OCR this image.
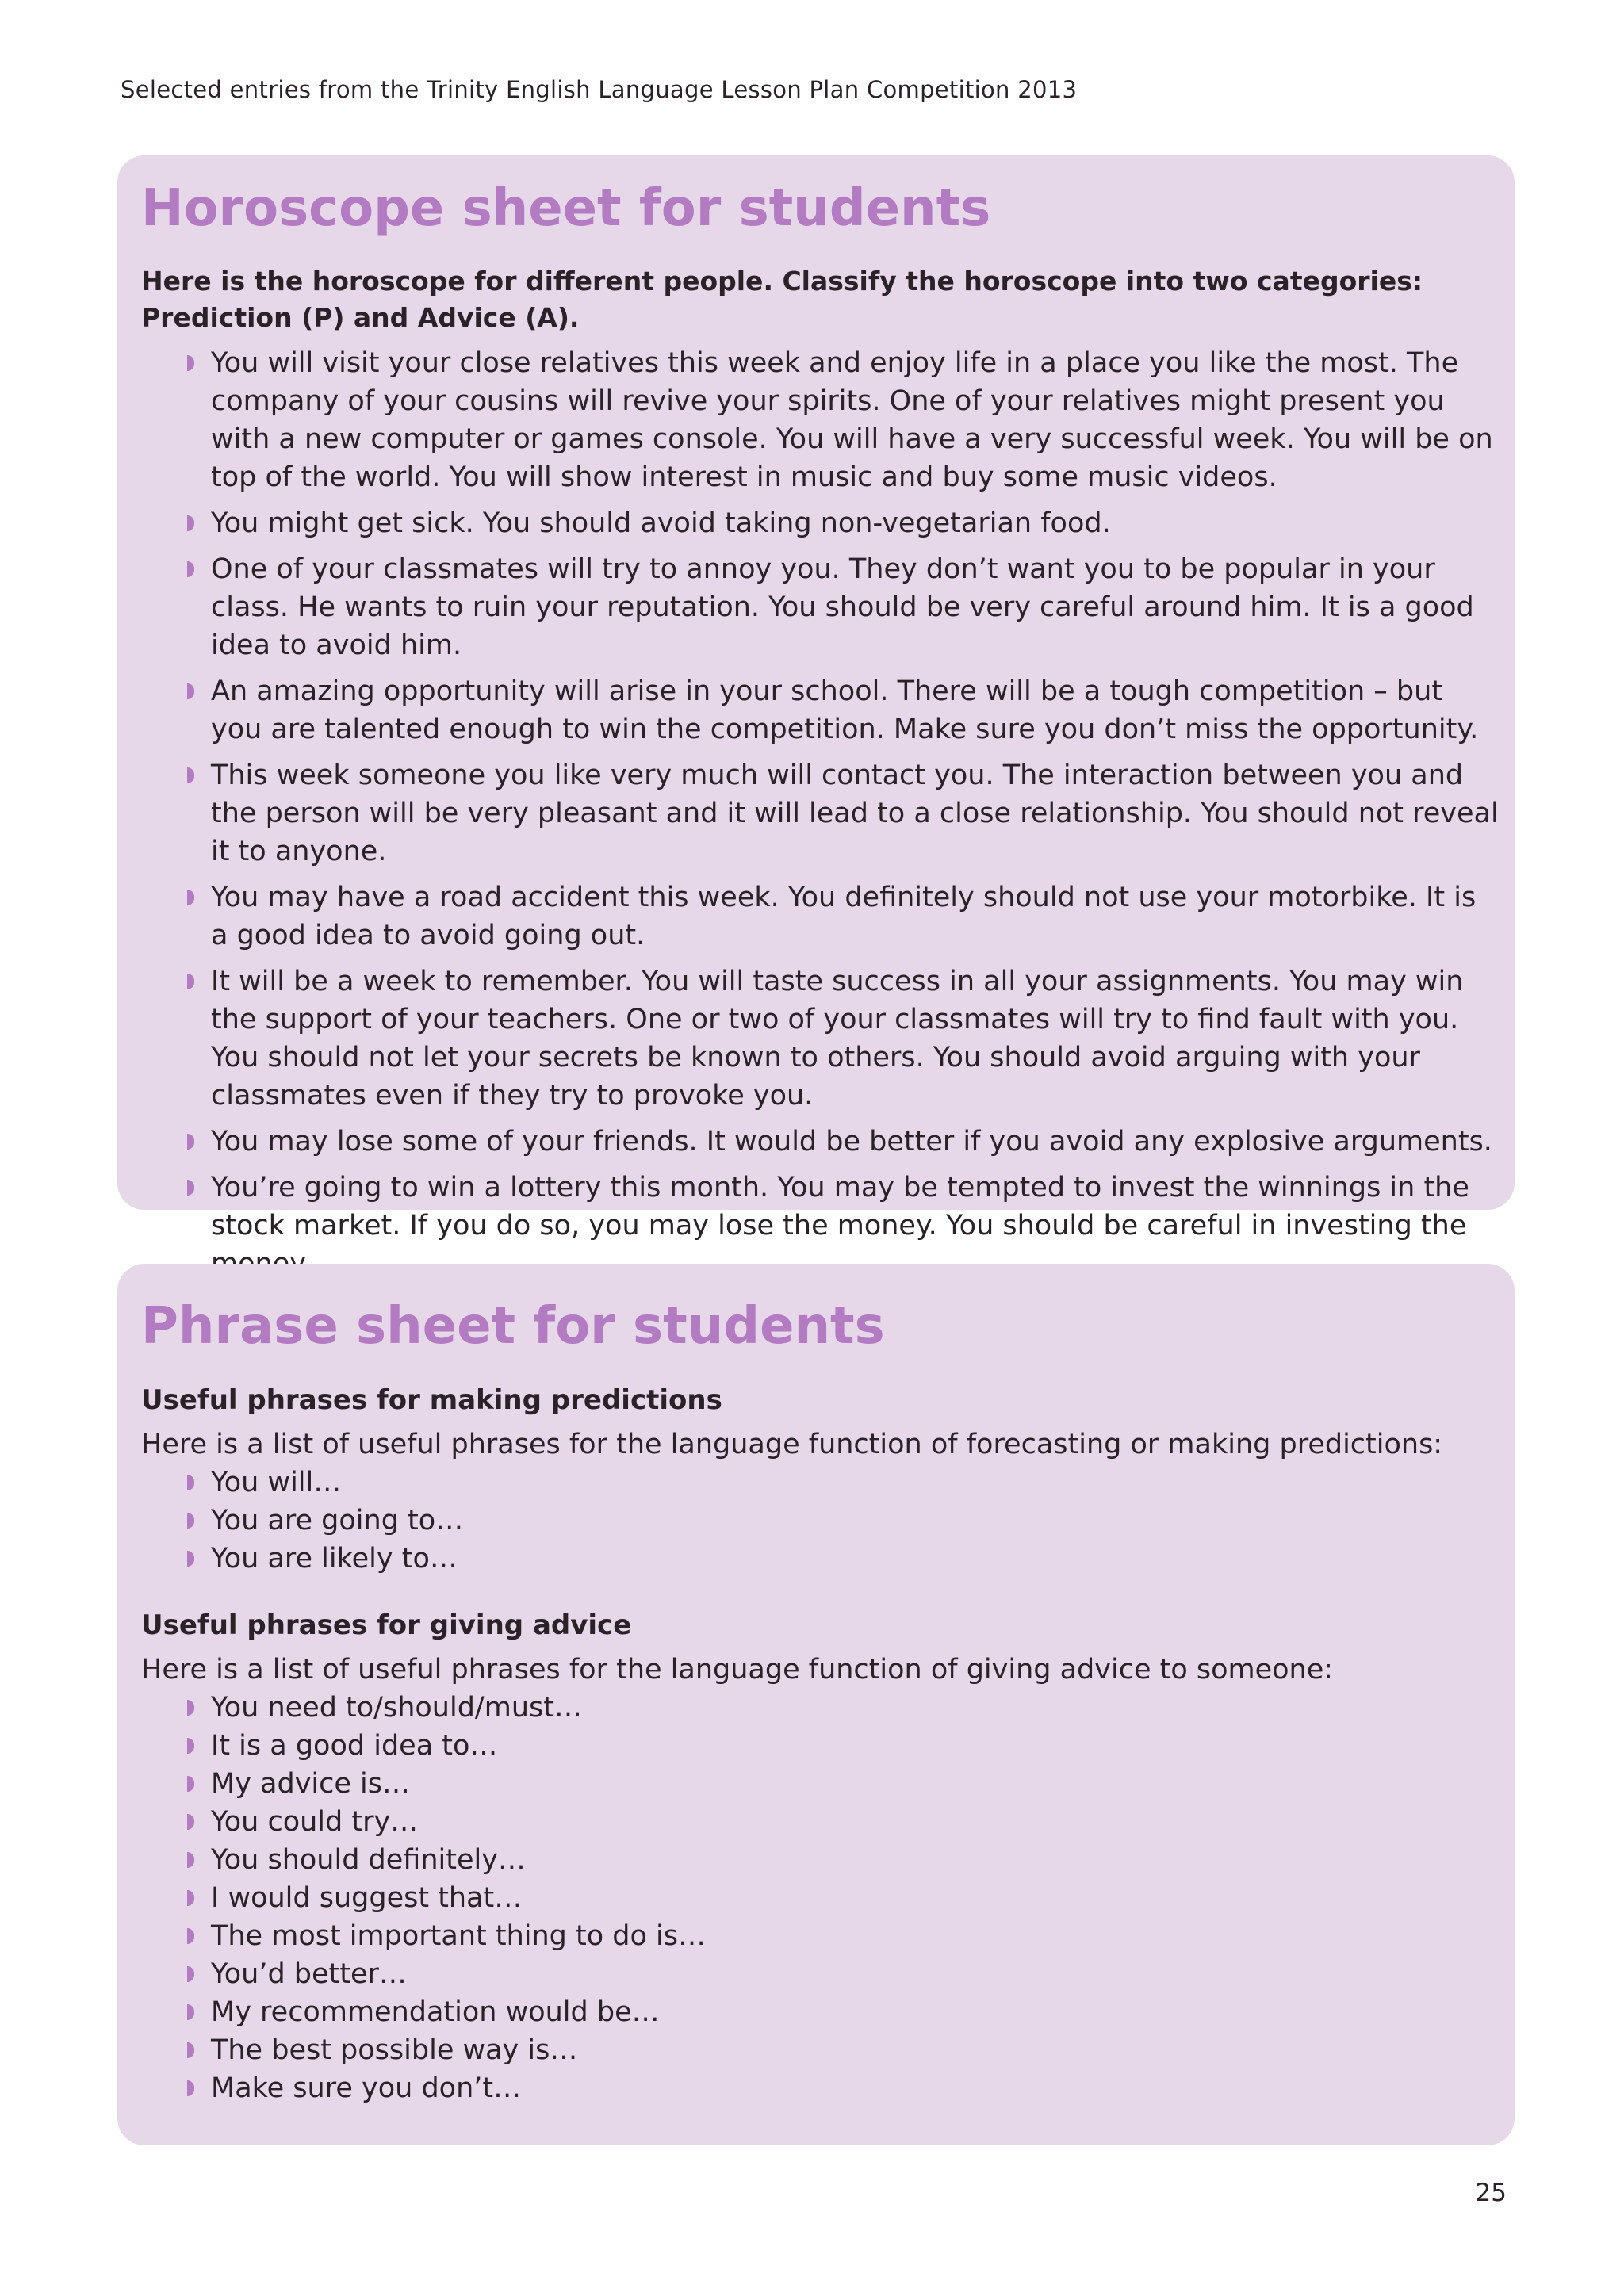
Selected entries from the Trinity English Language Lesson Plan Competition 2013
Horoscope sheet for students

Here is the horoscope for different people. Classify the horoscope into two categories: Prediction (P) and Advice (A).

You will visit your close relatives this week and enjoy life in a place you like the most. The company of your cousins will revive your spirits. One of your relatives might present you with a new computer or games console. You will have a very successful week. You will be on top of the world. You will show interest in music and buy some music videos.
You might get sick. You should avoid taking non-vegetarian food.
One of your classmates will try to annoy you. They don’t want you to be popular in your class. He wants to ruin your reputation. You should be very careful around him. It is a good idea to avoid him.
An amazing opportunity will arise in your school. There will be a tough competition – but you are talented enough to win the competition. Make sure you don’t miss the opportunity.
This week someone you like very much will contact you. The interaction between you and the person will be very pleasant and it will lead to a close relationship. You should not reveal it to anyone.
You may have a road accident this week. You definitely should not use your motorbike. It is a good idea to avoid going out.
It will be a week to remember. You will taste success in all your assignments. You may win the support of your teachers. One or two of your classmates will try to find fault with you. You should not let your secrets be known to others. You should avoid arguing with your classmates even if they try to provoke you.
You may lose some of your friends. It would be better if you avoid any explosive arguments.
You’re going to win a lottery this month. You may be tempted to invest the winnings in the stock market. If you do so, you may lose the money. You should be careful in investing the
Phrase sheet for students
Useful phrases for making predictions

Here is a list of useful phrases for the language function of forecasting or making predictions:

You will…
You are going to…
You are likely to…
Useful phrases for giving advice

Here is a list of useful phrases for the language function of giving advice to someone:

You need to/should/must…
It is a good idea to…
My advice is…
You could try…
You should definitely…
I would suggest that…
The most important thing to do is…
You’d better…
My recommendation would be…
The best possible way is…
Make sure you don’t…
25
